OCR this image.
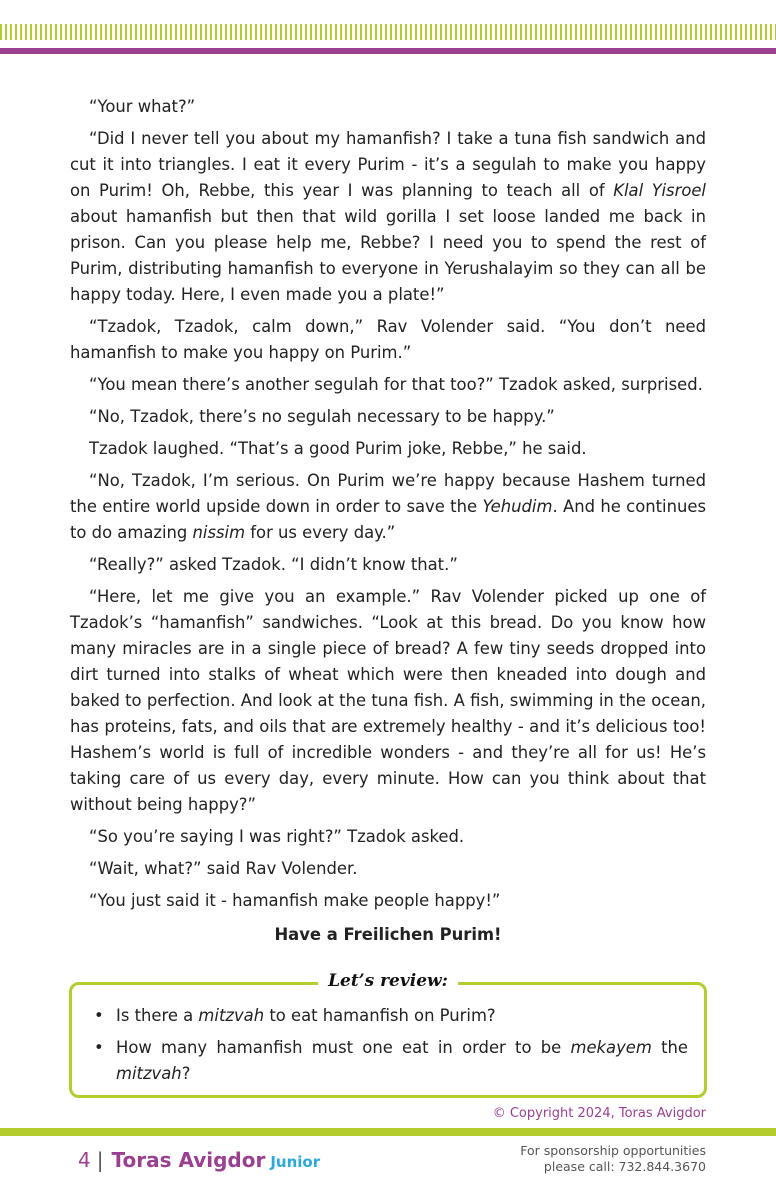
“Your what?”

“Did I never tell you about my hamanfish? I take a tuna fish sandwich and cut it into triangles. I eat it every Purim - it’s a segulah to make you happy on Purim! Oh, Rebbe, this year I was planning to teach all of Klal Yisroel about hamanfish but then that wild gorilla I set loose landed me back in prison. Can you please help me, Rebbe? I need you to spend the rest of Purim, distributing hamanfish to everyone in Yerushalayim so they can all be happy today. Here, I even made you a plate!”

“Tzadok, Tzadok, calm down,” Rav Volender said. “You don’t need hamanfish to make you happy on Purim.”

“You mean there’s another segulah for that too?” Tzadok asked, surprised.

“No, Tzadok, there’s no segulah necessary to be happy.”

Tzadok laughed. “That’s a good Purim joke, Rebbe,” he said.

“No, Tzadok, I’m serious. On Purim we’re happy because Hashem turned the entire world upside down in order to save the Yehudim. And he continues to do amazing nissim for us every day.”

“Really?” asked Tzadok. “I didn’t know that.”

“Here, let me give you an example.” Rav Volender picked up one of Tzadok’s “hamanfish” sandwiches. “Look at this bread. Do you know how many miracles are in a single piece of bread? A few tiny seeds dropped into dirt turned into stalks of wheat which were then kneaded into dough and baked to perfection. And look at the tuna fish. A fish, swimming in the ocean, has proteins, fats, and oils that are extremely healthy - and it’s delicious too! Hashem’s world is full of incredible wonders - and they’re all for us! He’s taking care of us every day, every minute. How can you think about that without being happy?”

“So you’re saying I was right?” Tzadok asked.

“Wait, what?” said Rav Volender.

“You just said it - hamanfish make people happy!”

Have a Freilichen Purim!
Let’s review:
• Is there a mitzvah to eat hamanfish on Purim?
• How many hamanfish must one eat in order to be mekayem the mitzvah?
© Copyright 2024, Toras Avigdor
4 | Toras Avigdor Junior
For sponsorship opportunities
please call: 732.844.3670
